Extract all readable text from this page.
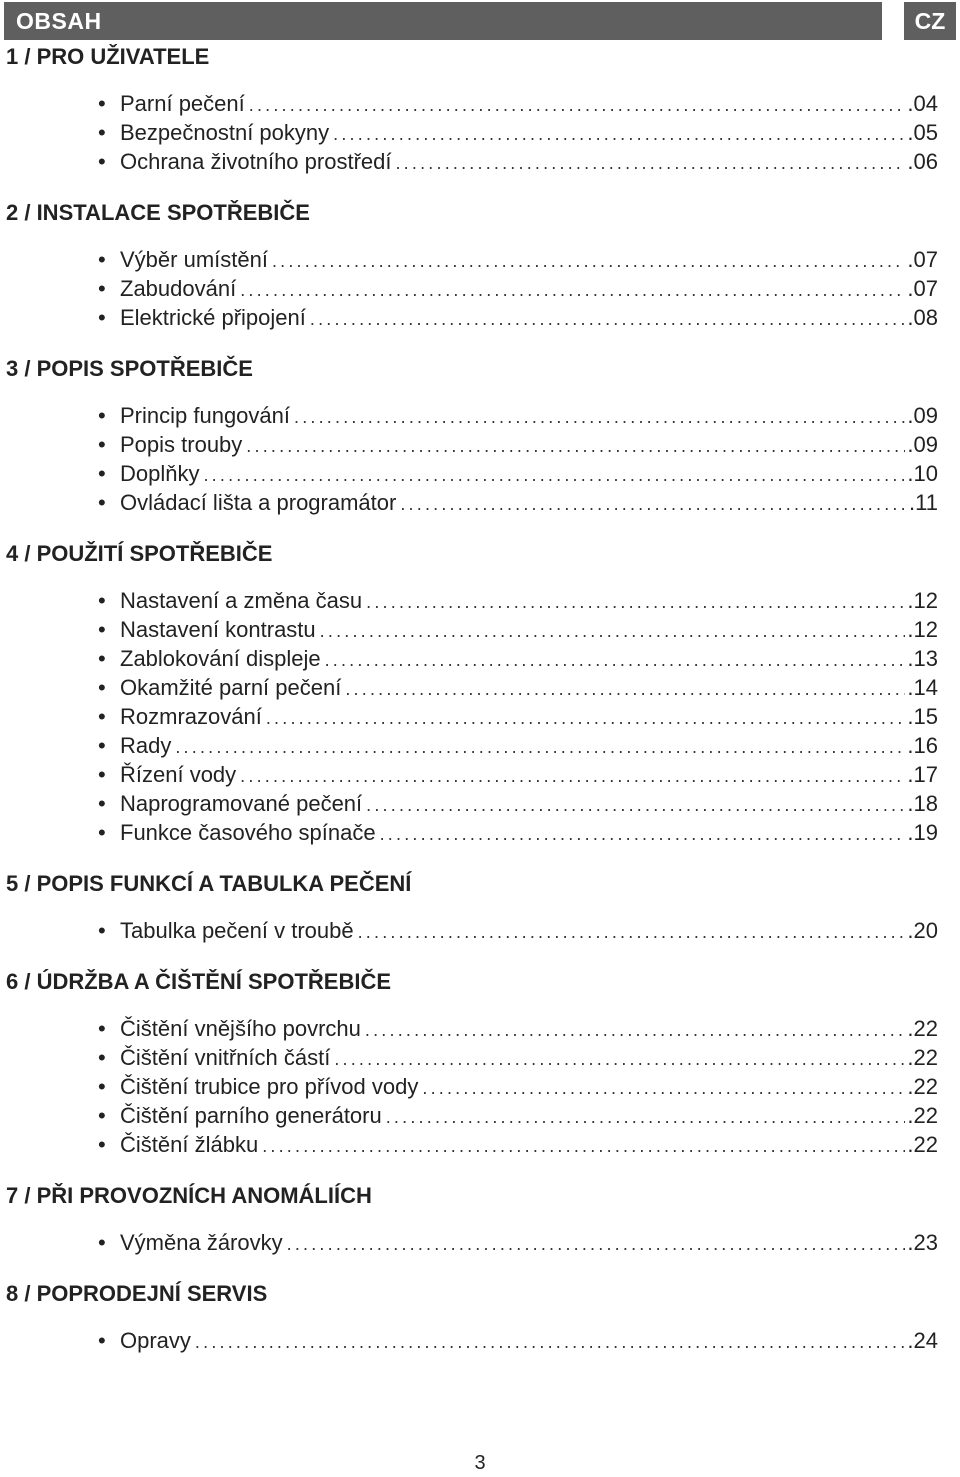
OBSAH	CZ
1 / PRO UŽIVATELE
• Parní pečení .....	.04
• Bezpečnostní pokyny .....	.05
• Ochrana životního prostředí .....	.06
2 / INSTALACE SPOTŘEBIČE
• Výběr umístění .....	.07
• Zabudování .....	.07
• Elektrické připojení .....	.08
3 / POPIS SPOTŘEBIČE
• Princip fungování .....	.09
• Popis trouby .....	.09
• Doplňky .....	.10
• Ovládací lišta a programátor .....	.11
4 / POUŽITÍ SPOTŘEBIČE
• Nastavení a změna času .....	.12
• Nastavení kontrastu .....	.12
• Zablokování displeje .....	.13
• Okamžité parní pečení .....	.14
• Rozmrazování .....	.15
• Rady .....	.16
• Řízení vody .....	.17
• Naprogramované pečení .....	.18
• Funkce časového spínače .....	.19
5 / POPIS FUNKCÍ A TABULKA PEČENÍ
• Tabulka pečení v troubě .....	.20
6 / ÚDRŽBA A ČIŠTĚNÍ SPOTŘEBIČE
• Čištění vnějšího povrchu .....	.22
• Čištění vnitřních částí .....	.22
• Čištění trubice pro přívod vody .....	.22
• Čištění parního generátoru .....	.22
• Čištění žlábku .....	.22
7 / PŘI PROVOZNÍCH ANOMÁLIÍCH
• Výměna žárovky .....	.23
8 / POPRODEJNÍ SERVIS
• Opravy .....	.24
3
